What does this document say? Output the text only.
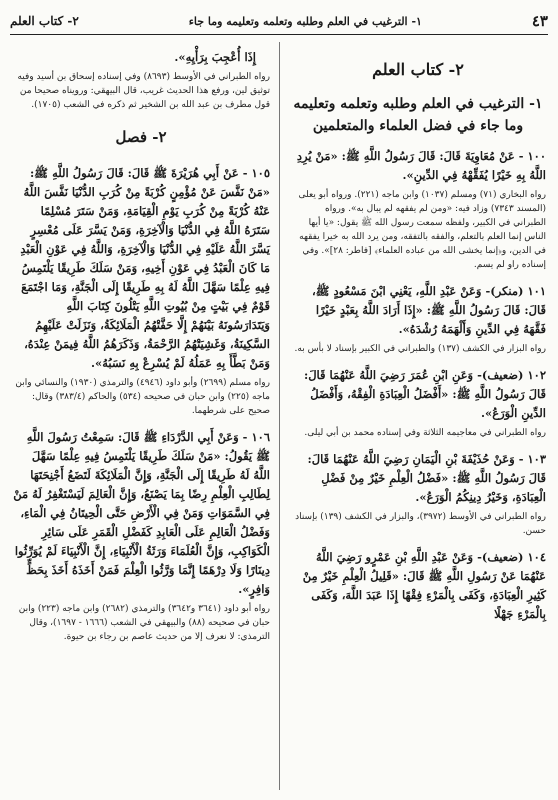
٤٣
١- الترغيب في العلم وطلبه وتعلمه وتعليمه وما جاء
٢- كتاب العلم
٢- كتاب العلم
١- الترغيب في العلم وطلبه وتعلمه وتعليمه وما جاء في فضل العلماء والمتعلمين
١٠٠- عَنْ مُعَاوِيَةَ قَالَ: قَالَ رَسُولُ اللَّهِ ﷺ: «مَنْ يُرِدِ اللَّهُ بِهِ خَيْرًا يُفَقِّهْهُ فِي الدِّينِ».
رواه البخاري (٧١) ومسلم (١٠٣٧) وابن ماجه (٢٢١). ورواه أبو يعلى (المسند ٧٣٤٣) وزاد فيه: «ومن لم يفقهه لم يبال به». ورواه الطبراني في الكبير، ولفظه سمعت رسول الله ﷺ يقول: «يا أيها الناس إنما العلم بالتعلم، والفقه بالتفقه، ومن يرد الله به خيرا يفقهه في الدين، و﴿إنما يخشى الله من عباده العلماء﴾ [فاطر: ٢٨]». وفي إسناده راو لم يسم.
١٠١(منكر)- وَعَنْ عَبْدِ اللَّهِ، يَعْنِي ابْنَ مَسْعُودٍ ﷺ، قَالَ: قَالَ رَسُولُ اللَّهِ ﷺ: «إِذَا أَرَادَ اللَّهُ بِعَبْدٍ خَيْرًا فَقَّهَهُ فِي الدِّينِ وَأَلْهَمَهُ رُشْدَهُ».
رواه البزار في الكشف (١٣٧) والطبراني في الكبير بإسناد لا بأس به.
١٠٢(ضعيف)- وَعَنِ ابْنِ عُمَرَ رَضِيَ اللَّهُ عَنْهُمَا قَالَ: قَالَ رَسُولُ اللَّهِ ﷺ: «أَفْضَلُ الْعِبَادَةِ الْفِقْهُ، وَأَفْضَلُ الدِّينِ الْوَرَعُ».
رواه الطبراني في معاجيمه الثلاثة وفي إسناده محمد بن أبي ليلى.
١٠٣- وَعَنْ حُذَيْفَةَ بْنِ الْيَمَانِ رَضِيَ اللَّهُ عَنْهُمَا قَالَ: قَالَ رَسُولُ اللَّهِ ﷺ: «فَضْلُ الْعِلْمِ خَيْرٌ مِنْ فَضْلِ الْعِبَادَةِ، وَخَيْرُ دِينِكُمُ الْوَرَعُ».
رواه الطبراني في الأوسط (٣٩٧٢)، والبزار في الكشف (١٣٩) بإسناد حسن.
١٠٤(ضعيف)- وَعَنْ عَبْدِ اللَّهِ بْنِ عَمْرٍو رَضِيَ اللَّهُ عَنْهُمَا عَنْ رَسُولِ اللَّهِ ﷺ قَالَ: «قَلِيلُ الْعِلْمِ خَيْرٌ مِنْ كَثِيرِ الْعِبَادَةِ، وَكَفَى بِالْمَرْءِ فِقْهًا إِذَا عَبَدَ اللَّهَ، وَكَفَى بِالْمَرْءِ جَهْلًا
إِذَا أُعْجِبَ بِرَأْيِهِ».
رواه الطبراني في الأوسط (٨٦٩٣) وفي إسناده إسحاق بن أسيد وفيه توثيق لين، ورفع هذا الحديث غريب، قال البيهقي: ورويناه صحيحا من قول مطرف بن عبد الله بن الشخير ثم ذكره في الشعب (١٧٠٥).
٢- فصل
١٠٥- عَنْ أَبِي هُرَيْرَةَ ﷺ قَالَ: قَالَ رَسُولُ اللَّهِ ﷺ: «مَنْ نَفَّسَ عَنْ مُؤْمِنٍ كُرْبَةً مِنْ كُرَبِ الدُّنْيَا نَفَّسَ اللَّهُ عَنْهُ كُرْبَةً مِنْ كُرَبِ يَوْمِ الْقِيَامَةِ، وَمَنْ سَتَرَ مُسْلِمًا سَتَرَهُ اللَّهُ فِي الدُّنْيَا وَالْآخِرَةِ، وَمَنْ يَسَّرَ عَلَى مُعْسِرٍ يَسَّرَ اللَّهُ عَلَيْهِ فِي الدُّنْيَا وَالْآخِرَةِ، وَاللَّهُ فِي عَوْنِ الْعَبْدِ مَا كَانَ الْعَبْدُ فِي عَوْنِ أَخِيهِ، وَمَنْ سَلَكَ طَرِيقًا يَلْتَمِسُ فِيهِ عِلْمًا سَهَّلَ اللَّهُ لَهُ بِهِ طَرِيقًا إِلَى الْجَنَّةِ، وَمَا اجْتَمَعَ قَوْمٌ فِي بَيْتٍ مِنْ بُيُوتِ اللَّهِ يَتْلُونَ كِتَابَ اللَّهِ وَيَتَدَارَسُونَهُ بَيْنَهُمْ إِلَّا حَفَّتْهُمُ الْمَلَائِكَةُ، وَنَزَلَتْ عَلَيْهِمُ السَّكِينَةُ، وَغَشِيَتْهُمُ الرَّحْمَةُ، وَذَكَرَهُمُ اللَّهُ فِيمَنْ عِنْدَهُ، وَمَنْ بَطَّأَ بِهِ عَمَلُهُ لَمْ يُسْرِعْ بِهِ نَسَبُهُ».
رواه مسلم (٢٦٩٩) وأبو داود (٤٩٤٦) والترمذي (١٩٣٠) والنسائي وابن ماجه (٢٢٥) وابن حبان في صحيحه (٥٣٤) والحاكم (٣٨٣/٤) وقال: صحيح على شرطهما.
١٠٦- وَعَنْ أَبِي الدَّرْدَاءِ ﷺ قَالَ: سَمِعْتُ رَسُولَ اللَّهِ ﷺ يَقُولُ: «مَنْ سَلَكَ طَرِيقًا يَلْتَمِسُ فِيهِ عِلْمًا سَهَّلَ اللَّهُ لَهُ طَرِيقًا إِلَى الْجَنَّةِ، وَإِنَّ الْمَلَائِكَةَ لَتَضَعُ أَجْنِحَتَهَا لِطَالِبِ الْعِلْمِ رِضًا بِمَا يَصْنَعُ، وَإِنَّ الْعَالِمَ لَيَسْتَغْفِرُ لَهُ مَنْ فِي السَّمَوَاتِ وَمَنْ فِي الْأَرْضِ حَتَّى الْحِيتَانُ فِي الْمَاءِ، وَفَضْلُ الْعَالِمِ عَلَى الْعَابِدِ كَفَضْلِ الْقَمَرِ عَلَى سَائِرِ الْكَوَاكِبِ، وَإِنَّ الْعُلَمَاءَ وَرَثَةُ الْأَنْبِيَاءِ، إِنَّ الْأَنْبِيَاءَ لَمْ يُوَرِّثُوا دِينَارًا وَلَا دِرْهَمًا إِنَّمَا وَرَّثُوا الْعِلْمَ فَمَنْ أَخَذَهُ أَخَذَ بِحَظٍّ وَافِرٍ».
رواه أبو داود (٣٦٤١ و٣٦٤٢) والترمذي (٢٦٨٢) وابن ماجه (٢٢٣) وابن حبان في صحيحه (٨٨) والبيهقي في الشعب (١٦٦٦ - ١٦٩٧)، وقال الترمذي: لا نعرف إلا من حديث عاصم بن رجاء بن حيوة.
